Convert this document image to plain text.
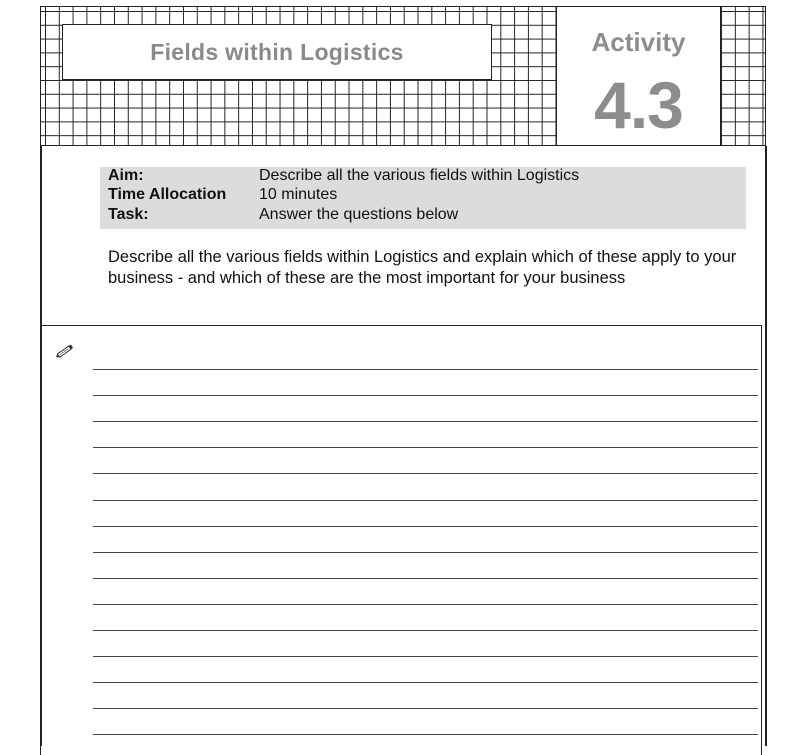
Fields within Logistics	Activity
4.3
Aim:	Describe all the various fields within Logistics
Time Allocation	10 minutes
Task:	Answer the questions below
Describe all the various fields within Logistics and explain which of these apply to your business - and which of these are the most important for your business
